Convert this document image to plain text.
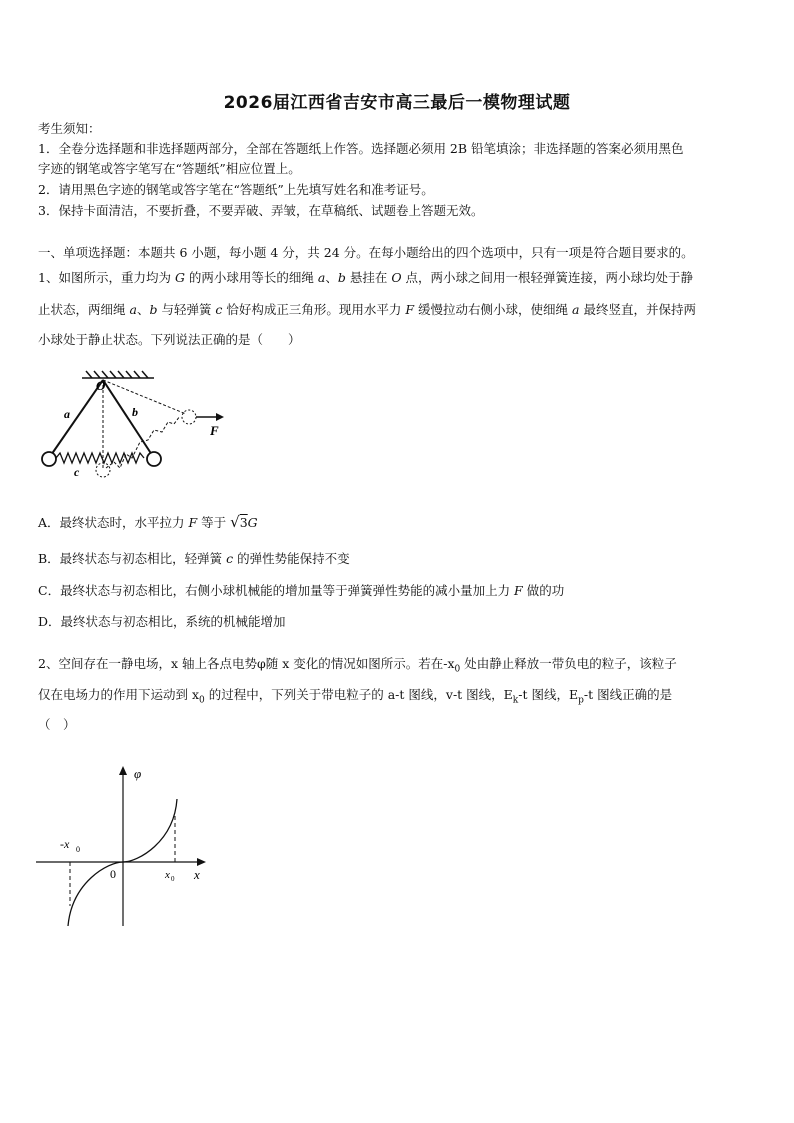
2026届江西省吉安市高三最后一模物理试题
考生须知：
1．全卷分选择题和非选择题两部分，全部在答题纸上作答。选择题必须用 2B 铅笔填涂；非选择题的答案必须用黑色
字迹的钢笔或答字笔写在“答题纸”相应位置上。
2．请用黑色字迹的钢笔或答字笔在“答题纸”上先填写姓名和准考证号。
3．保持卡面清洁，不要折叠，不要弄破、弄皱，在草稿纸、试题卷上答题无效。
一、单项选择题：本题共 6 小题，每小题 4 分，共 24 分。在每小题给出的四个选项中，只有一项是符合题目要求的。
1、如图所示，重力均为 G 的两小球用等长的细绳 a、b 悬挂在 O 点，两小球之间用一根轻弹簧连接，两小球均处于静
止状态，两细绳 a、b 与轻弹簧 c 恰好构成正三角形。现用水平力 F 缓慢拉动右侧小球，使细绳 a 最终竖直，并保持两
小球处于静止状态。下列说法正确的是（　　）
O
a	b
c
F
A．最终状态时，水平拉力 F 等于 √3G
B．最终状态与初态相比，轻弹簧 c 的弹性势能保持不变
C．最终状态与初态相比，右侧小球机械能的增加量等于弹簧弹性势能的减小量加上力 F 做的功
D．最终状态与初态相比，系统的机械能增加
2、空间存在一静电场，x 轴上各点电势φ随 x 变化的情况如图所示。若在$-x_0$ 处由静止释放一带负电的粒子，该粒子
仅在电场力的作用下运动到 $x_0$ 的过程中，下列关于带电粒子的 a-t 图线，v-t 图线，$E_k-t$ 图线，$E_p-t$ 图线正确的是
（　）
φ
-x 0
0	x 0 x
